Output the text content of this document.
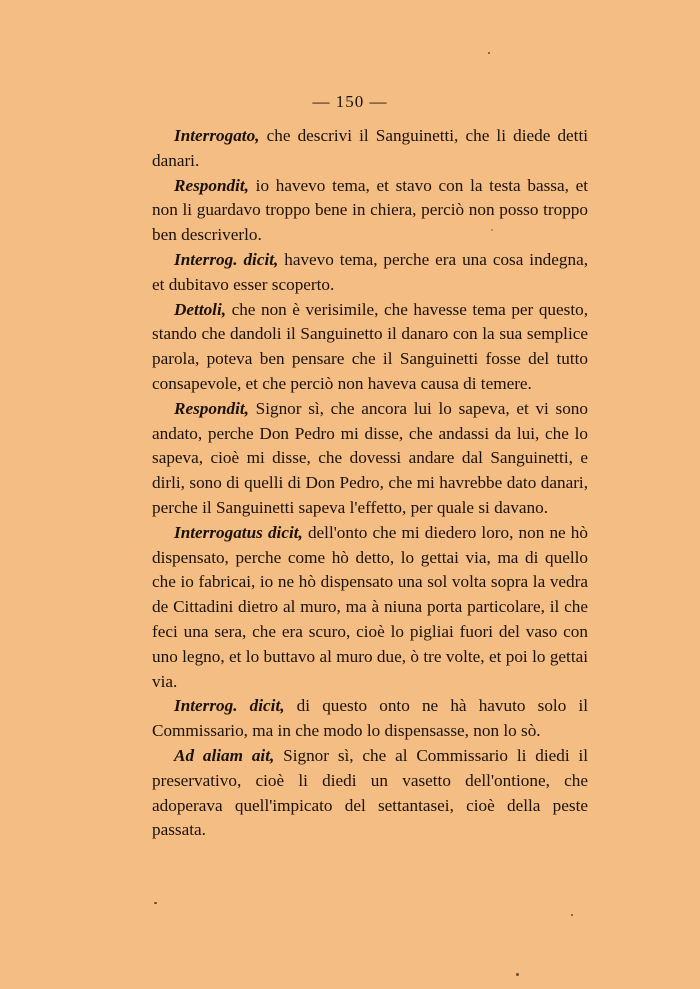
— 150 —

Interrogato, che descrivi il Sanguinetti, che li diede detti danari.

Respondit, io havevo tema, et stavo con la testa bassa, et non li guardavo troppo bene in chiera, perciò non posso troppo ben descriverlo.

Interrog. dicit, havevo tema, perche era una cosa indegna, et dubitavo esser scoperto.

Dettoli, che non è verisimile, che havesse tema per questo, stando che dandoli il Sanguinetto il danaro con la sua semplice parola, poteva ben pensare che il Sanguinetti fosse del tutto consapevole, et che perciò non haveva causa di temere.

Respondit, Signor sì, che ancora lui lo sapeva, et vi sono andato, perche Don Pedro mi disse, che andassi da lui, che lo sapeva, cioè mi disse, che dovessi andare dal Sanguinetti, e dirli, sono di quelli di Don Pedro, che mi havrebbe dato danari, perche il Sanguinetti sapeva l'effetto, per quale si davano.

Interrogatus dicit, dell'onto che mi diedero loro, non ne hò dispensato, perche come hò detto, lo gettai via, ma di quello che io fabricai, io ne hò dispensato una sol volta sopra la vedra de Cittadini dietro al muro, ma à niuna porta particolare, il che feci una sera, che era scuro, cioè lo pigliai fuori del vaso con uno legno, et lo buttavo al muro due, ò tre volte, et poi lo gettai via.

Interrog. dicit, di questo onto ne hà havuto solo il Commissario, ma in che modo lo dispensasse, non lo sò.

Ad aliam ait, Signor sì, che al Commissario li diedi il preservativo, cioè li diedi un vasetto dell'ontione, che adoperava quell'impicato del settantasei, cioè della peste passata.
